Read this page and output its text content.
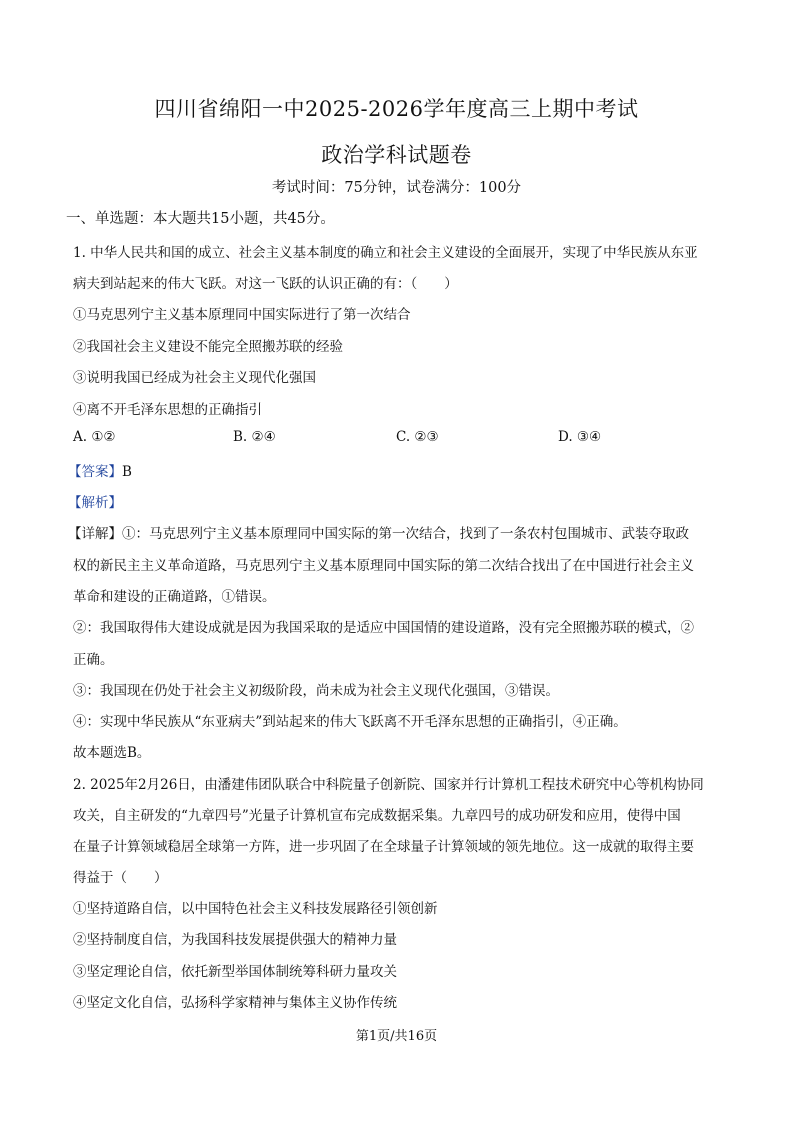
四川省绵阳一中2025-2026学年度高三上期中考试
政治学科试题卷
考试时间：75分钟，试卷满分：100分
一、单选题：本大题共15小题，共45分。
1. 中华人民共和国的成立、社会主义基本制度的确立和社会主义建设的全面展开，实现了中华民族从东亚
病夫到站起来的伟大飞跃。对这一飞跃的认识正确的有：（　　）
①马克思列宁主义基本原理同中国实际进行了第一次结合
②我国社会主义建设不能完全照搬苏联的经验
③说明我国已经成为社会主义现代化强国
④离不开毛泽东思想的正确指引
A. ①②	B. ②④	C. ②③	D. ③④
【答案】B
【解析】
【详解】①：马克思列宁主义基本原理同中国实际的第一次结合，找到了一条农村包围城市、武装夺取政
权的新民主主义革命道路，马克思列宁主义基本原理同中国实际的第二次结合找出了在中国进行社会主义
革命和建设的正确道路，①错误。
②：我国取得伟大建设成就是因为我国采取的是适应中国国情的建设道路，没有完全照搬苏联的模式，②
正确。
③：我国现在仍处于社会主义初级阶段，尚未成为社会主义现代化强国，③错误。
④：实现中华民族从“东亚病夫”到站起来的伟大飞跃离不开毛泽东思想的正确指引，④正确。
故本题选B。
2. 2025年2月26日，由潘建伟团队联合中科院量子创新院、国家并行计算机工程技术研究中心等机构协同
攻关，自主研发的“九章四号”光量子计算机宣布完成数据采集。九章四号的成功研发和应用，使得中国
在量子计算领域稳居全球第一方阵，进一步巩固了在全球量子计算领域的领先地位。这一成就的取得主要
得益于（　　）
①坚持道路自信，以中国特色社会主义科技发展路径引领创新
②坚持制度自信，为我国科技发展提供强大的精神力量
③坚定理论自信，依托新型举国体制统筹科研力量攻关
④坚定文化自信，弘扬科学家精神与集体主义协作传统
第1页/共16页
